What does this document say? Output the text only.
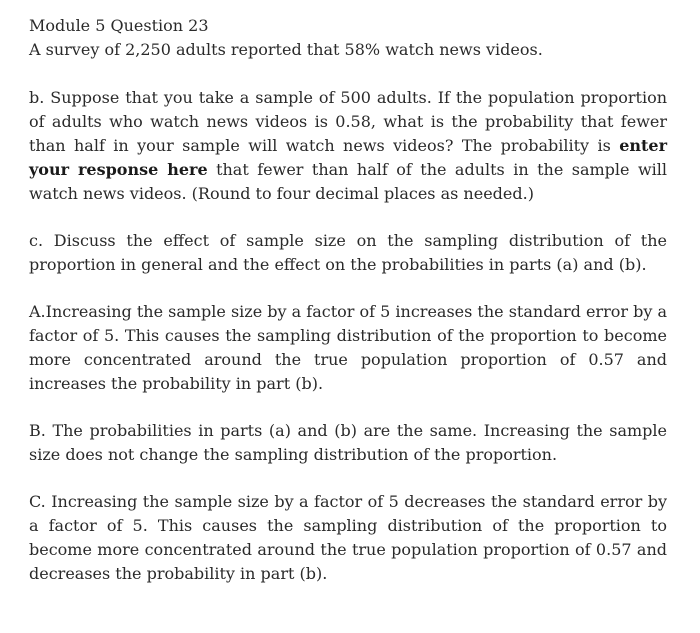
Module 5 Question 23

A survey of 2,250 adults reported that 58% watch news videos.

b. Suppose that you take a sample of 500 adults. If the population proportion of adults who watch news videos is 0.58, what is the probability that fewer than half in your sample will watch news videos? The probability is enter your response here that fewer than half of the adults in the sample will watch news videos. (Round to four decimal places as needed.)

c. Discuss the effect of sample size on the sampling distribution of the proportion in general and the effect on the probabilities in parts (a) and (b).

A.Increasing the sample size by a factor of 5 increases the standard error by a factor of 5. This causes the sampling distribution of the proportion to become more concentrated around the true population proportion of 0.57 and increases the probability in part (b).

B. The probabilities in parts (a) and (b) are the same. Increasing the sample size does not change the sampling distribution of the proportion.

C. Increasing the sample size by a factor of 5 decreases the standard error by a factor of 5. This causes the sampling distribution of the proportion to become more concentrated around the true population proportion of 0.57 and decreases the probability in part (b).
